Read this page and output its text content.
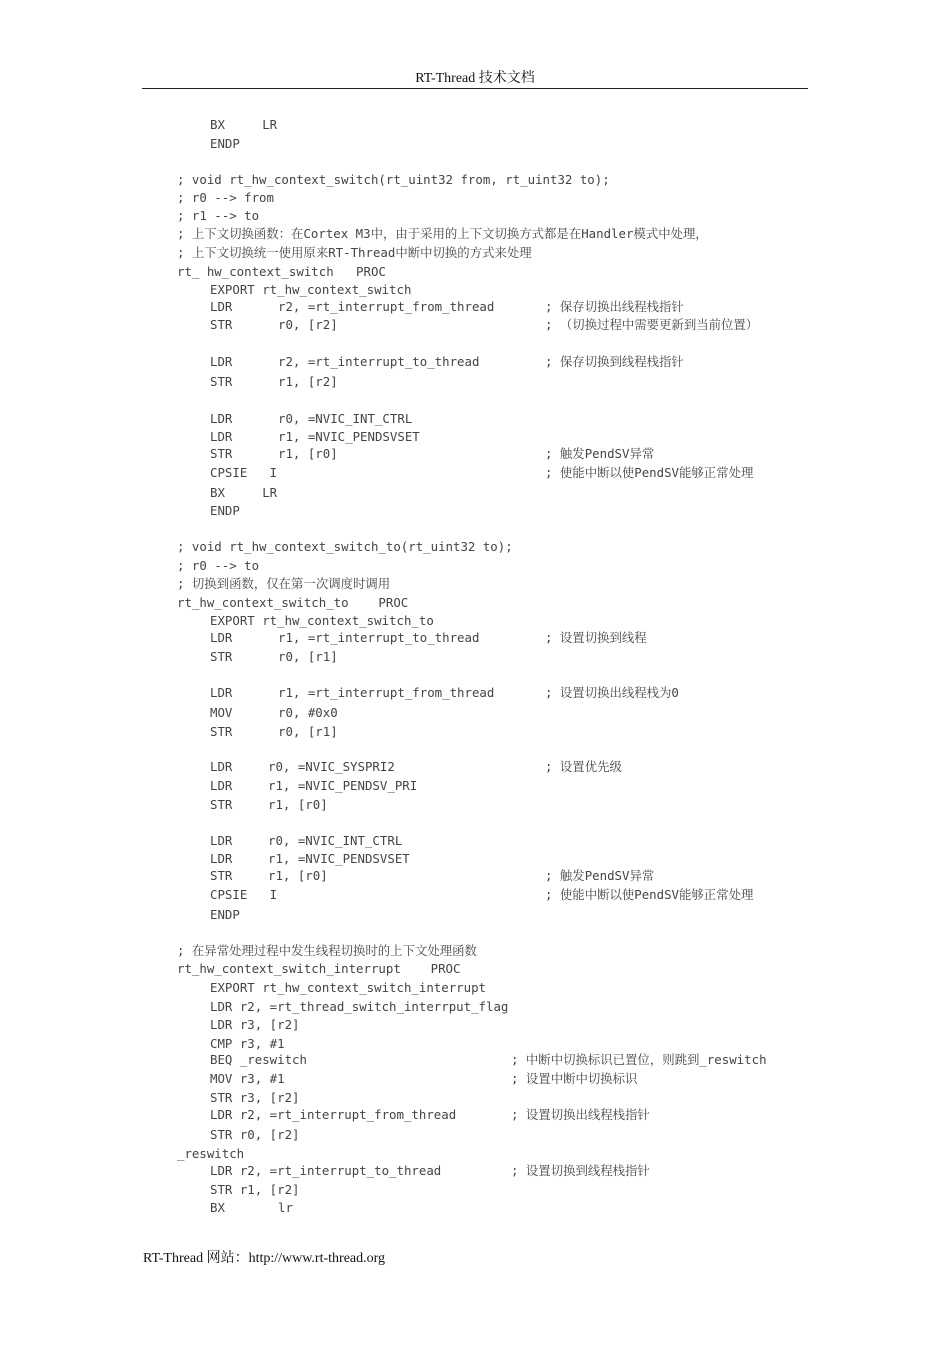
RT-Thread 技术文档
BX     LR
ENDP
; void rt_hw_context_switch(rt_uint32 from, rt_uint32 to);
; r0 --> from
; r1 --> to
; 上下文切换函数：在Cortex M3中，由于采用的上下文切换方式都是在Handler模式中处理，
; 上下文切换统一使用原来RT-Thread中断中切换的方式来处理
rt_ hw_context_switch   PROC
EXPORT rt_hw_context_switch
LDR	r2, =rt_interrupt_from_thread	; 保存切换出线程栈指针
STR	r0, [r2]	; （切换过程中需要更新到当前位置）
LDR	r2, =rt_interrupt_to_thread	; 保存切换到线程栈指针
STR	r1, [r2]
LDR	r0, =NVIC_INT_CTRL
LDR	r1, =NVIC_PENDSVSET
STR	r1, [r0]	; 触发PendSV异常
CPSIE   I	; 使能中断以使PendSV能够正常处理
BX     LR
ENDP
; void rt_hw_context_switch_to(rt_uint32 to);
; r0 --> to
; 切换到函数，仅在第一次调度时调用
rt_hw_context_switch_to    PROC
EXPORT rt_hw_context_switch_to
LDR	r1, =rt_interrupt_to_thread	; 设置切换到线程
STR	r0, [r1]
LDR	r1, =rt_interrupt_from_thread	; 设置切换出线程栈为0
MOV	r0, #0x0
STR	r0, [r1]
LDR	r0, =NVIC_SYSPRI2	; 设置优先级
LDR	r1, =NVIC_PENDSV_PRI
STR	r1, [r0]
LDR	r0, =NVIC_INT_CTRL
LDR	r1, =NVIC_PENDSVSET
STR	r1, [r0]	; 触发PendSV异常
CPSIE   I	; 使能中断以使PendSV能够正常处理
ENDP
; 在异常处理过程中发生线程切换时的上下文处理函数
rt_hw_context_switch_interrupt    PROC
EXPORT rt_hw_context_switch_interrupt
LDR r2, =rt_thread_switch_interrput_flag
LDR r3, [r2]
CMP r3, #1
BEQ _reswitch	; 中断中切换标识已置位，则跳到_reswitch
MOV r3, #1	; 设置中断中切换标识
STR r3, [r2]
LDR r2, =rt_interrupt_from_thread	; 设置切换出线程栈指针
STR r0, [r2]
_reswitch
LDR r2, =rt_interrupt_to_thread	; 设置切换到线程栈指针
STR r1, [r2]
BX	lr
RT-Thread 网站：http://www.rt-thread.org
